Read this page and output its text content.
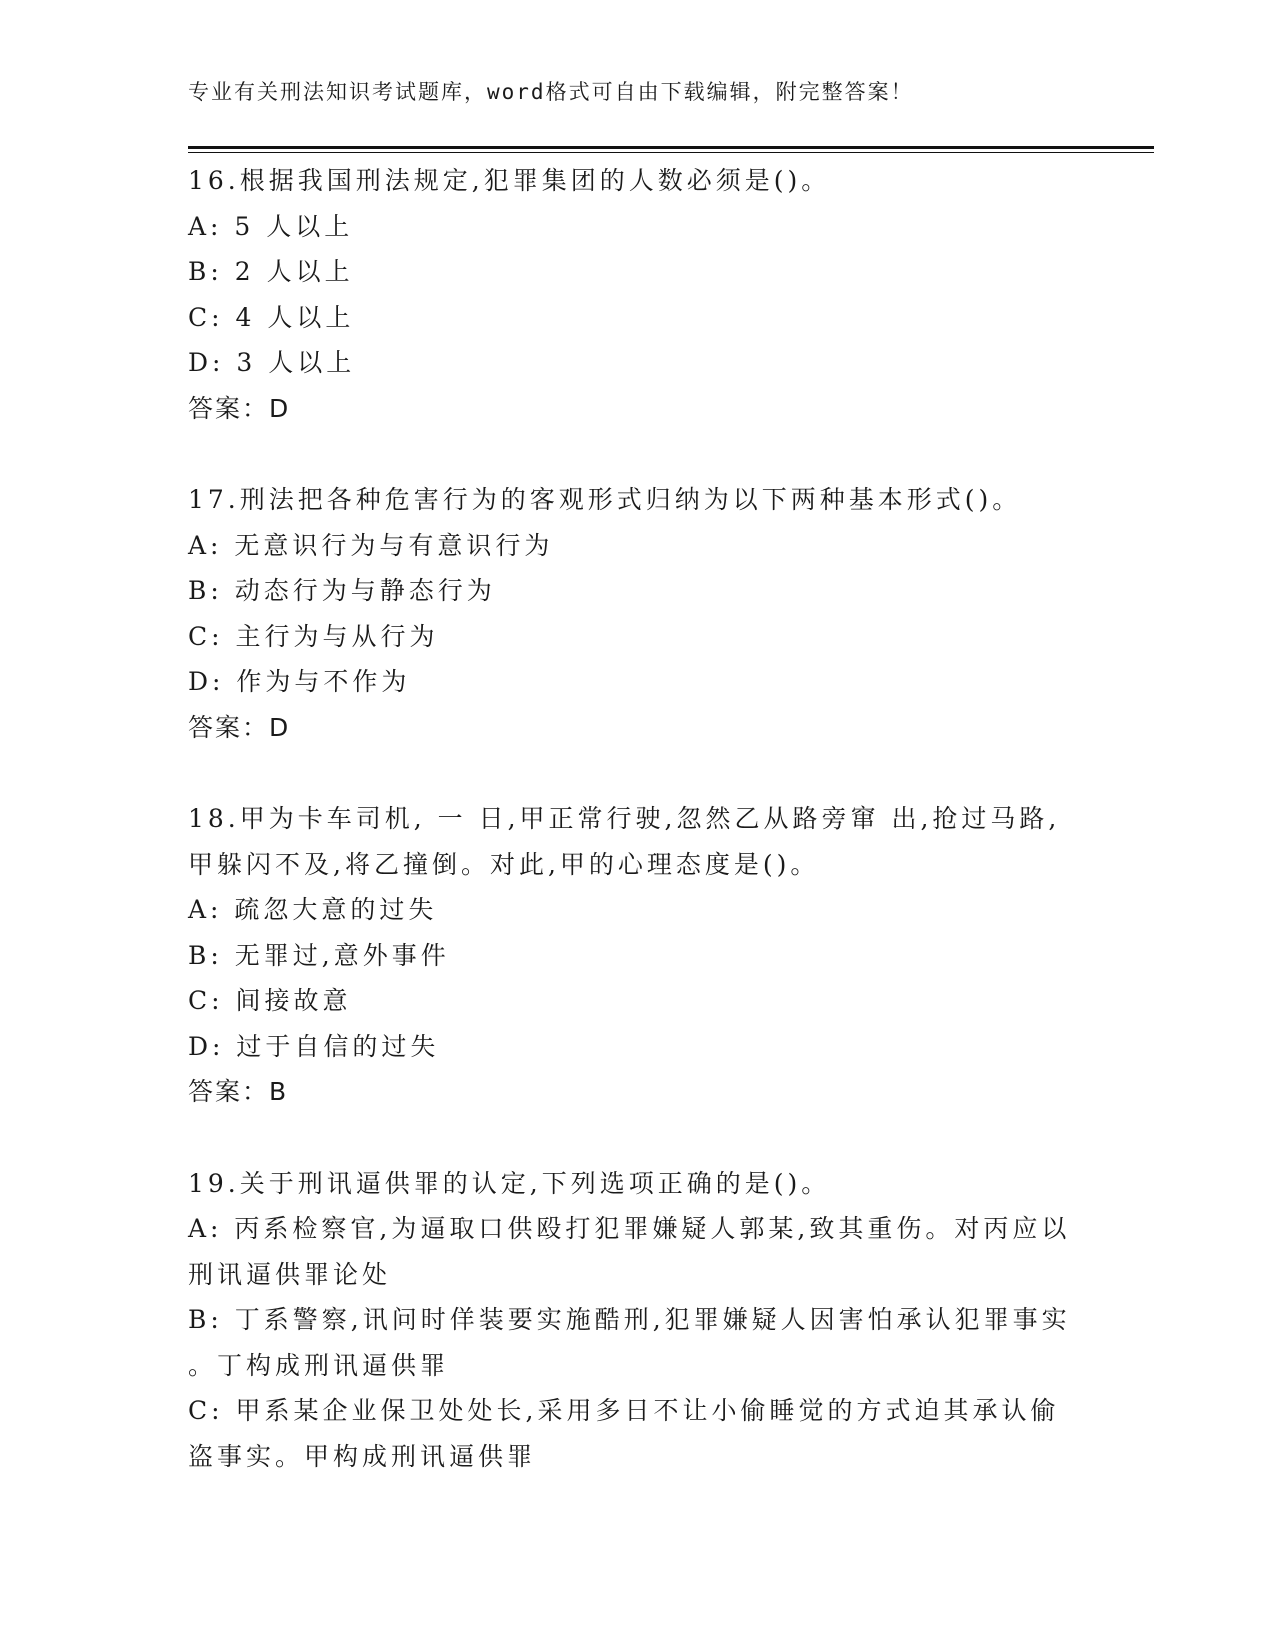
专业有关刑法知识考试题库，word格式可自由下载编辑，附完整答案！

16.根据我国刑法规定,犯罪集团的人数必须是()。

A: 5 人以上

B: 2 人以上

C: 4 人以上

D: 3 人以上

答案：D

17.刑法把各种危害行为的客观形式归纳为以下两种基本形式()。

A: 无意识行为与有意识行为

B: 动态行为与静态行为

C: 主行为与从行为

D: 作为与不作为

答案：D

18.甲为卡车司机, 一 日,甲正常行驶,忽然乙从路旁窜 出,抢过马路,

甲躲闪不及,将乙撞倒。对此,甲的心理态度是()。

A: 疏忽大意的过失

B: 无罪过,意外事件

C: 间接故意

D: 过于自信的过失

答案：B

19.关于刑讯逼供罪的认定,下列选项正确的是()。

A: 丙系检察官,为逼取口供殴打犯罪嫌疑人郭某,致其重伤。对丙应以

刑讯逼供罪论处

B: 丁系警察,讯问时佯装要实施酷刑,犯罪嫌疑人因害怕承认犯罪事实

。丁构成刑讯逼供罪

C: 甲系某企业保卫处处长,采用多日不让小偷睡觉的方式迫其承认偷

盗事实。甲构成刑讯逼供罪
